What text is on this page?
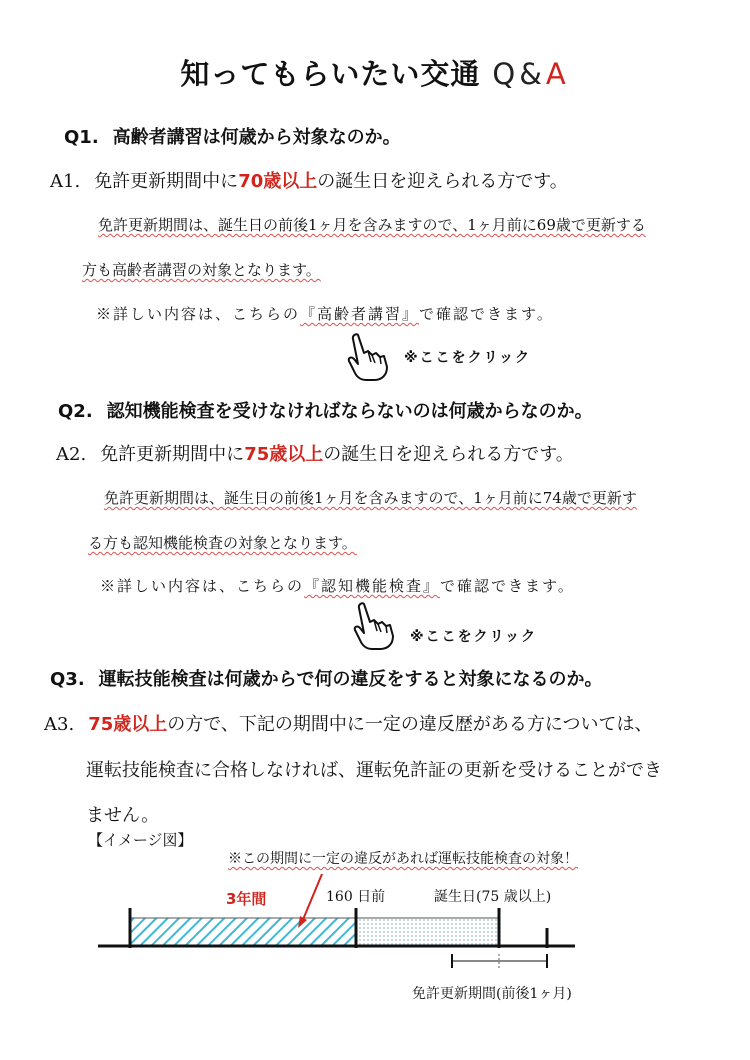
知ってもらいたい交通 Q&A
Q1. 高齢者講習は何歳から対象なのか。
A1. 免許更新期間中に70歳以上の誕生日を迎えられる方です。
免許更新期間は、誕生日の前後1ヶ月を含みますので、1ヶ月前に69歳で更新する
方も高齢者講習の対象となります。
※詳しい内容は、こちらの『高齢者講習』で確認できます。
※ここをクリック
Q2. 認知機能検査を受けなければならないのは何歳からなのか。
A2. 免許更新期間中に75歳以上の誕生日を迎えられる方です。
免許更新期間は、誕生日の前後1ヶ月を含みますので、1ヶ月前に74歳で更新す
る方も認知機能検査の対象となります。
※詳しい内容は、こちらの『認知機能検査』で確認できます。
※ここをクリック
Q3. 運転技能検査は何歳からで何の違反をすると対象になるのか。
A3. 75歳以上の方で、下記の期間中に一定の違反歴がある方については、
運転技能検査に合格しなければ、運転免許証の更新を受けることができ
ません。
【イメージ図】
※この期間に一定の違反があれば運転技能検査の対象！
3年間	160 日前	誕生日(75 歳以上)
免許更新期間(前後1ヶ月)
